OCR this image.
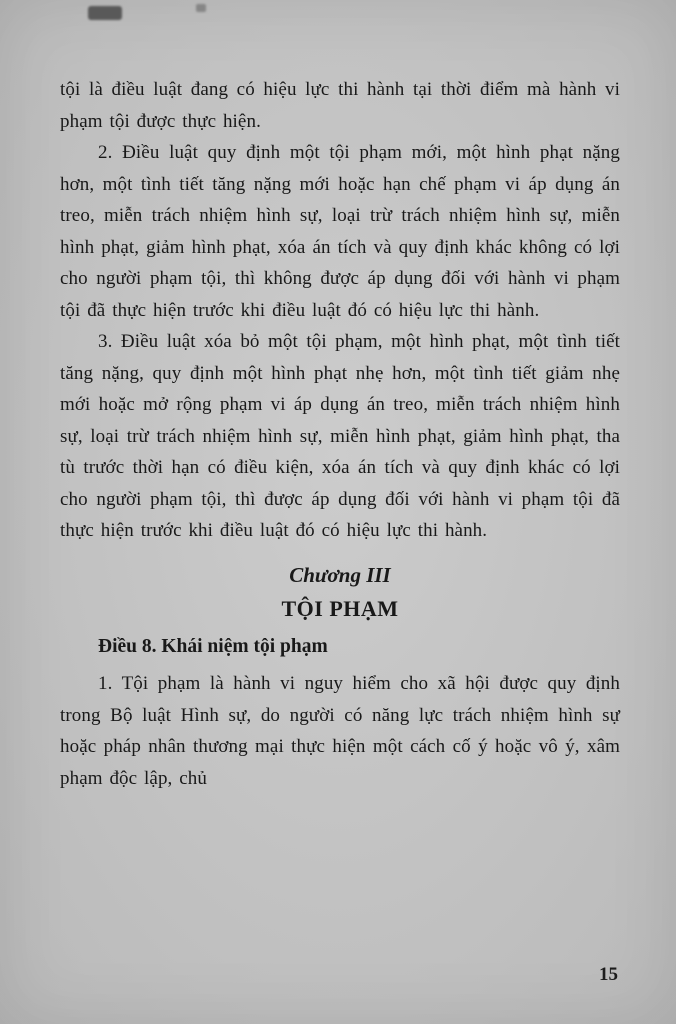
tội là điều luật đang có hiệu lực thi hành tại thời điểm mà hành vi phạm tội được thực hiện.

2. Điều luật quy định một tội phạm mới, một hình phạt nặng hơn, một tình tiết tăng nặng mới hoặc hạn chế phạm vi áp dụng án treo, miễn trách nhiệm hình sự, loại trừ trách nhiệm hình sự, miễn hình phạt, giảm hình phạt, xóa án tích và quy định khác không có lợi cho người phạm tội, thì không được áp dụng đối với hành vi phạm tội đã thực hiện trước khi điều luật đó có hiệu lực thi hành.

3. Điều luật xóa bỏ một tội phạm, một hình phạt, một tình tiết tăng nặng, quy định một hình phạt nhẹ hơn, một tình tiết giảm nhẹ mới hoặc mở rộng phạm vi áp dụng án treo, miễn trách nhiệm hình sự, loại trừ trách nhiệm hình sự, miễn hình phạt, giảm hình phạt, tha tù trước thời hạn có điều kiện, xóa án tích và quy định khác có lợi cho người phạm tội, thì được áp dụng đối với hành vi phạm tội đã thực hiện trước khi điều luật đó có hiệu lực thi hành.

Chương III
TỘI PHẠM
Điều 8. Khái niệm tội phạm

1. Tội phạm là hành vi nguy hiểm cho xã hội được quy định trong Bộ luật Hình sự, do người có năng lực trách nhiệm hình sự hoặc pháp nhân thương mại thực hiện một cách cố ý hoặc vô ý, xâm phạm độc lập, chủ

15
